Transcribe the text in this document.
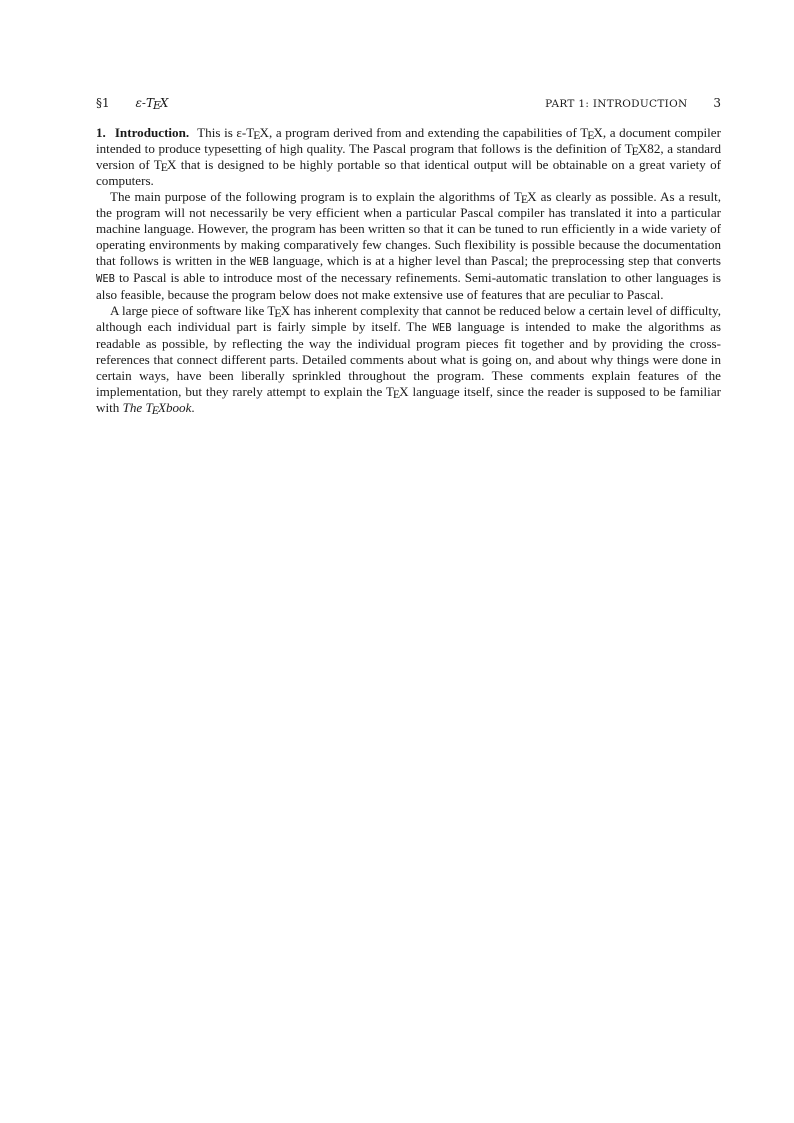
§1 ε-TEX	PART 1: INTRODUCTION 3

1. Introduction. This is ε-TEX, a program derived from and extending the capabilities of TEX, a document compiler intended to produce typesetting of high quality. The Pascal program that follows is the definition of TEX82, a standard version of TEX that is designed to be highly portable so that identical output will be obtainable on a great variety of computers.

The main purpose of the following program is to explain the algorithms of TEX as clearly as possible. As a result, the program will not necessarily be very efficient when a particular Pascal compiler has translated it into a particular machine language. However, the program has been written so that it can be tuned to run efficiently in a wide variety of operating environments by making comparatively few changes. Such flexibility is possible because the documentation that follows is written in the WEB language, which is at a higher level than Pascal; the preprocessing step that converts WEB to Pascal is able to introduce most of the necessary refinements. Semi-automatic translation to other languages is also feasible, because the program below does not make extensive use of features that are peculiar to Pascal.

A large piece of software like TEX has inherent complexity that cannot be reduced below a certain level of difficulty, although each individual part is fairly simple by itself. The WEB language is intended to make the algorithms as readable as possible, by reflecting the way the individual program pieces fit together and by providing the cross-references that connect different parts. Detailed comments about what is going on, and about why things were done in certain ways, have been liberally sprinkled throughout the program. These comments explain features of the implementation, but they rarely attempt to explain the TEX language itself, since the reader is supposed to be familiar with The TEXbook.
